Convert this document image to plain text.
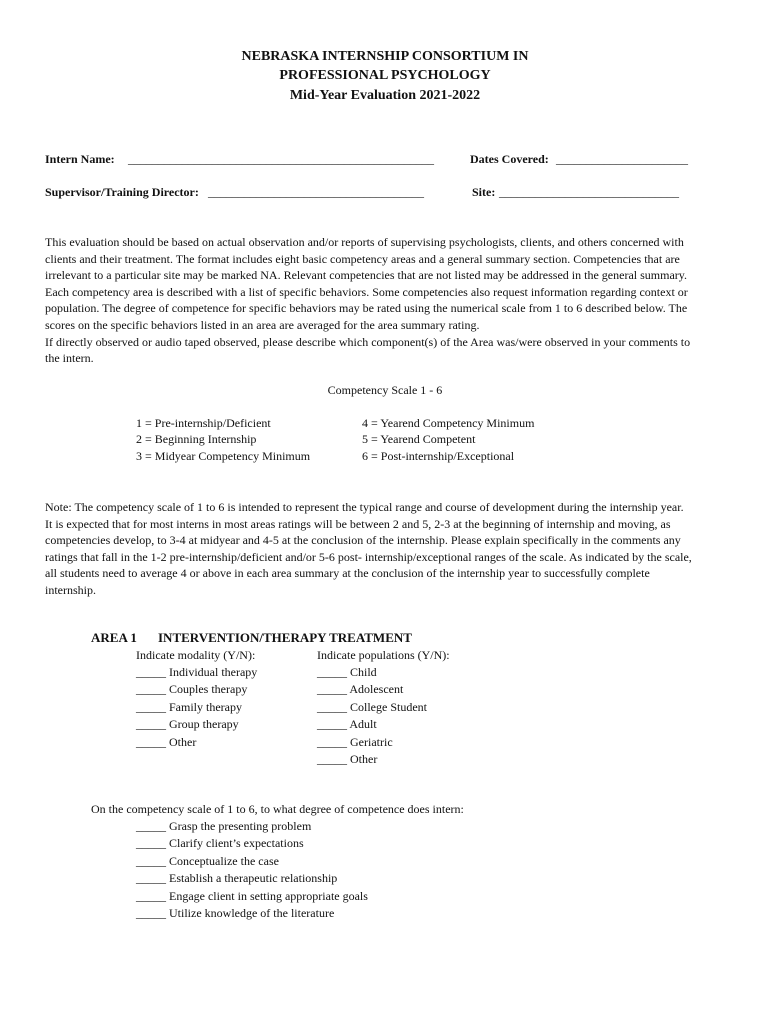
NEBRASKA INTERNSHIP CONSORTIUM IN
PROFESSIONAL PSYCHOLOGY
Mid-Year Evaluation 2021-2022
Intern Name: ___________________________________________________	Dates Covered: ______________________
Supervisor/Training Director: ____________________________________	Site: ______________________________
This evaluation should be based on actual observation and/or reports of supervising psychologists, clients, and others concerned with
clients and their treatment. The format includes eight basic competency areas and a general summary section. Competencies that are
irrelevant to a particular site may be marked NA. Relevant competencies that are not listed may be addressed in the general summary.
Each competency area is described with a list of specific behaviors. Some competencies also request information regarding context or
population. The degree of competence for specific behaviors may be rated using the numerical scale from 1 to 6 described below. The
scores on the specific behaviors listed in an area are averaged for the area summary rating.
If directly observed or audio taped observed, please describe which component(s) of the Area was/were observed in your comments to
the intern.
Competency Scale 1 - 6
1 = Pre-internship/Deficient
2 = Beginning Internship
3 = Midyear Competency Minimum
4 = Yearend Competency Minimum
5 = Yearend Competent
6 = Post-internship/Exceptional
Note: The competency scale of 1 to 6 is intended to represent the typical range and course of development during the internship year.
It is expected that for most interns in most areas ratings will be between 2 and 5, 2-3 at the beginning of internship and moving, as
competencies develop, to 3-4 at midyear and 4-5 at the conclusion of the internship. Please explain specifically in the comments any
ratings that fall in the 1-2 pre-internship/deficient and/or 5-6 post- internship/exceptional ranges of the scale. As indicated by the scale,
all students need to average 4 or above in each area summary at the conclusion of the internship year to successfully complete
internship.
AREA 1 INTERVENTION/THERAPY TREATMENT
Indicate modality (Y/N):
_____ Individual therapy
_____ Couples therapy
_____ Family therapy
_____ Group therapy
_____ Other
Indicate populations (Y/N):
_____ Child
_____ Adolescent
_____ College Student
_____ Adult
_____ Geriatric
_____ Other
On the competency scale of 1 to 6, to what degree of competence does intern:
_____ Grasp the presenting problem
_____ Clarify client’s expectations
_____ Conceptualize the case
_____ Establish a therapeutic relationship
_____ Engage client in setting appropriate goals
_____ Utilize knowledge of the literature
